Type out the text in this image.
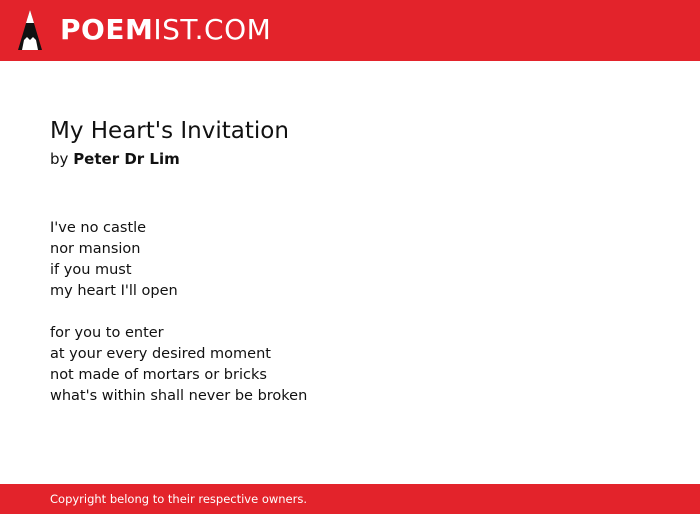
POEMIST.COM
My Heart's Invitation
by Peter Dr Lim
I've no castle
nor mansion
if you must
my heart I'll open
for you to enter
at your every desired moment
not made of mortars or bricks
what's within shall never be broken
Copyright belong to their respective owners.
